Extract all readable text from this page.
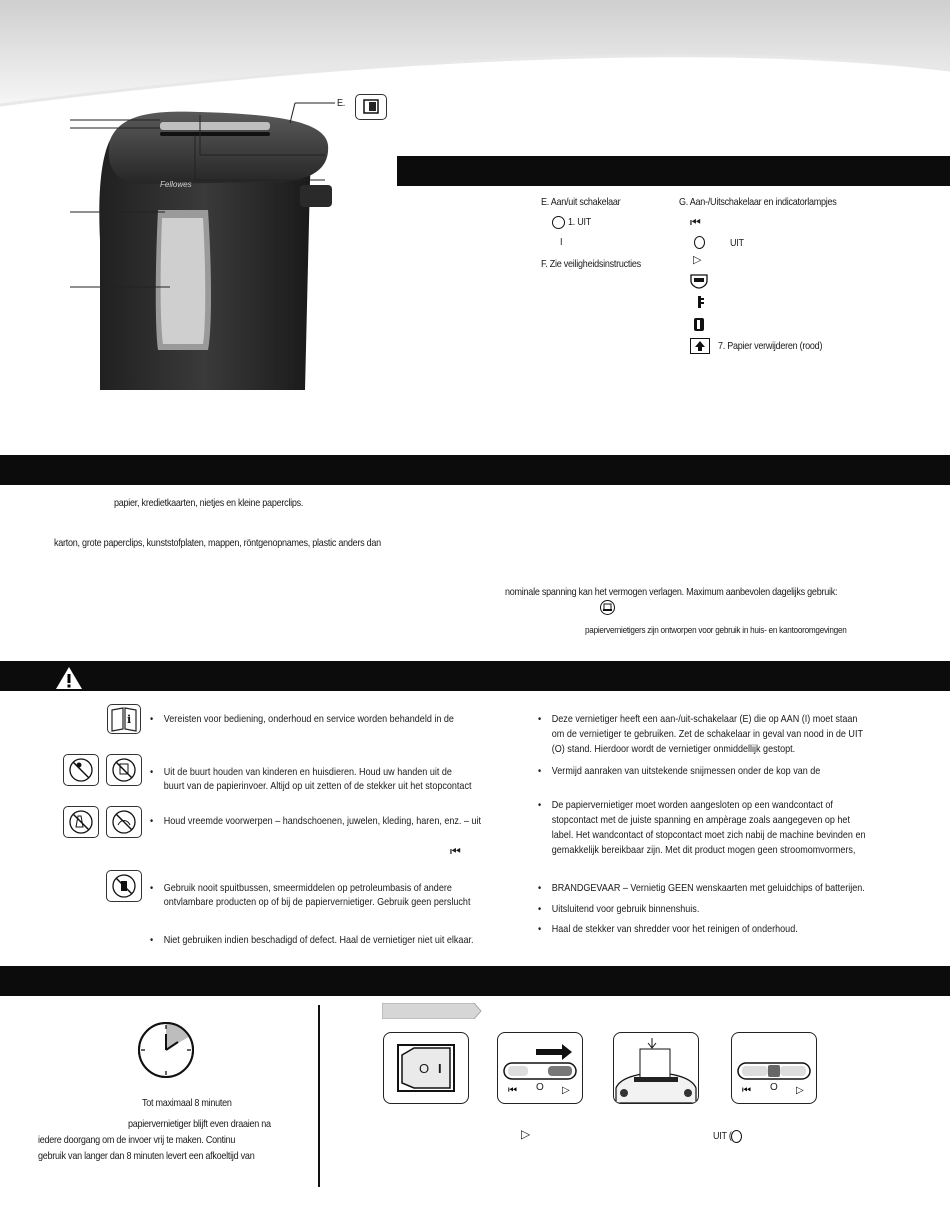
Fellowes
E.
E. Aan/uit schakelaar
1. UIT
I
F. Zie veiligheidsinstructies
G. Aan-/Uitschakelaar en indicatorlampjes
⏮︎
UIT
▷
7. Papier verwijderen (rood)
papier, kredietkaarten, nietjes en kleine paperclips.
karton, grote paperclips, kunststofplaten, mappen, röntgenopnames, plastic anders dan
nominale spanning kan het vermogen verlagen. Maximum aanbevolen dagelijks gebruik:
papiervernietigers zijn ontworpen voor gebruik in huis- en kantooromgevingen
i
⏮︎
• Vereisten voor bediening, onderhoud en service worden behandeld in de
• Uit de buurt houden van kinderen en huisdieren. Houd uw handen uit de
buurt van de papierinvoer. Altijd op uit zetten of de stekker uit het stopcontact
• Houd vreemde voorwerpen – handschoenen, juwelen, kleding, haren, enz. – uit
• Gebruik nooit spuitbussen, smeermiddelen op petroleumbasis of andere
ontvlambare producten op of bij de papiervernietiger. Gebruik geen perslucht
• Niet gebruiken indien beschadigd of defect. Haal de vernietiger niet uit elkaar.
• Deze vernietiger heeft een aan-/uit-schakelaar (E) die op AAN (I) moet staan
om de vernietiger te gebruiken. Zet de schakelaar in geval van nood in de UIT
(O) stand. Hierdoor wordt de vernietiger onmiddellijk gestopt.
• Vermijd aanraken van uitstekende snijmessen onder de kop van de
• De papiervernietiger moet worden aangesloten op een wandcontact of
stopcontact met de juiste spanning en ampèrage zoals aangegeven op het
label. Het wandcontact of stopcontact moet zich nabij de machine bevinden en
gemakkelijk bereikbaar zijn. Met dit product mogen geen stroomomvormers,
• BRANDGEVAAR – Vernietig GEEN wenskaarten met geluidchips of batterijen.
• Uitsluitend voor gebruik binnenshuis.
• Haal de stekker van shredder voor het reinigen of onderhoud.
Tot maximaal 8 minuten
papiervernietiger blijft even draaien na
iedere doorgang om de invoer vrij te maken. Continu
gebruik van langer dan 8 minuten levert een afkoeltijd van
O I
⏮︎	▷
O	⏮︎	▷
O
▷	UIT (
